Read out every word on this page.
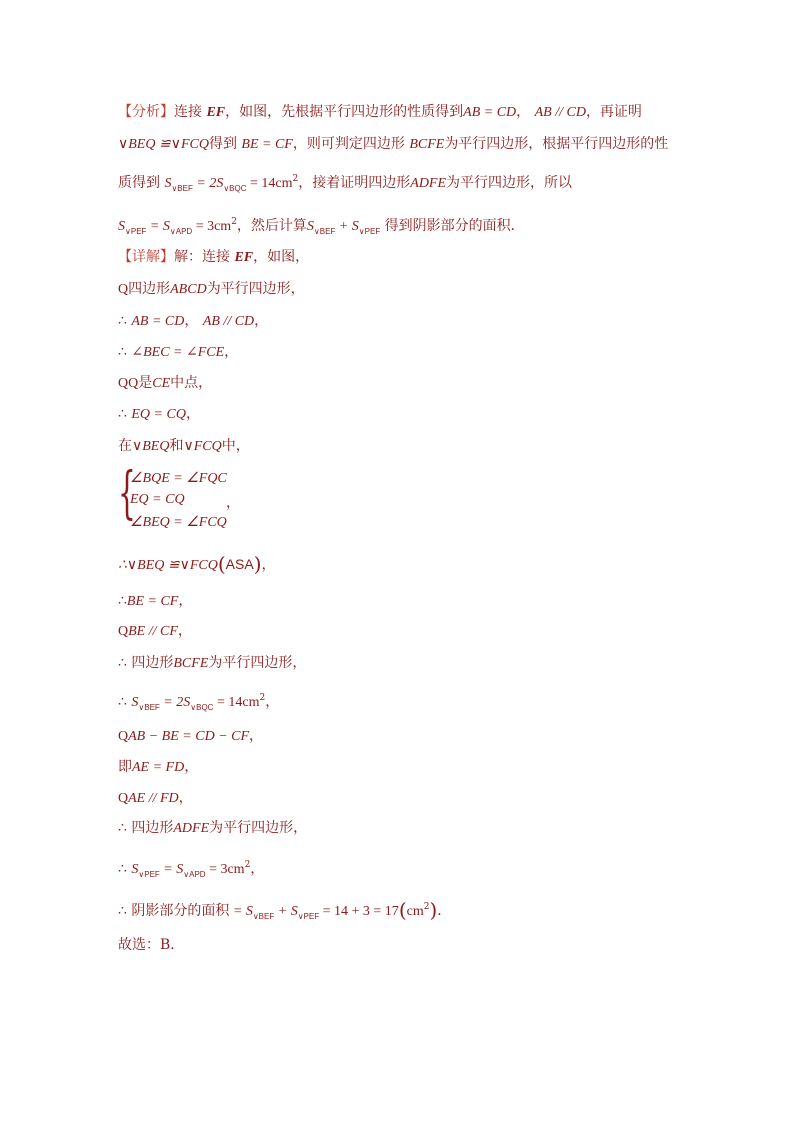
【分析】连接 EF，如图，先根据平行四边形的性质得到AB = CD， AB // CD，再证明
∨BEQ ≌∨FCQ得到 BE = CF，则可判定四边形 BCFE为平行四边形，根据平行四边形的性
质得到 $S_{\vee BEF} = 2S_{\vee BQC} = 14cm^2$，接着证明四边形ADFE为平行四边形，所以
$S_{\vee PEF} = S_{\vee APD} = 3cm^2$，然后计算$S_{\vee BEF} + S_{\vee PEF}$ 得到阴影部分的面积．
【详解】解：连接 EF，如图，
Q四边形ABCD为平行四边形，
∴ AB = CD， AB // CD，
∴ ∠BEC = ∠FCE，
QQ是CE中点，
∴ EQ = CQ，
在∨BEQ和∨FCQ中，
{
∠BQE = ∠FQC
EQ = CQ
∠BEQ = ∠FCQ
，
∴∨BEQ ≌∨FCQ(ASA)，
∴BE = CF，
QBE // CF，
∴ 四边形BCFE为平行四边形，
∴ $S_{\vee BEF} = 2S_{\vee BQC} = 14cm^2$，
QAB − BE = CD − CF，
即AE = FD，
QAE // FD，
∴ 四边形ADFE为平行四边形，
∴ $S_{\vee PEF} = S_{\vee APD} = 3cm^2$，
∴ 阴影部分的面积 = $S_{\vee BEF} + S_{\vee PEF} = 14 + 3 = 17(cm^2)$．
故选：B．
